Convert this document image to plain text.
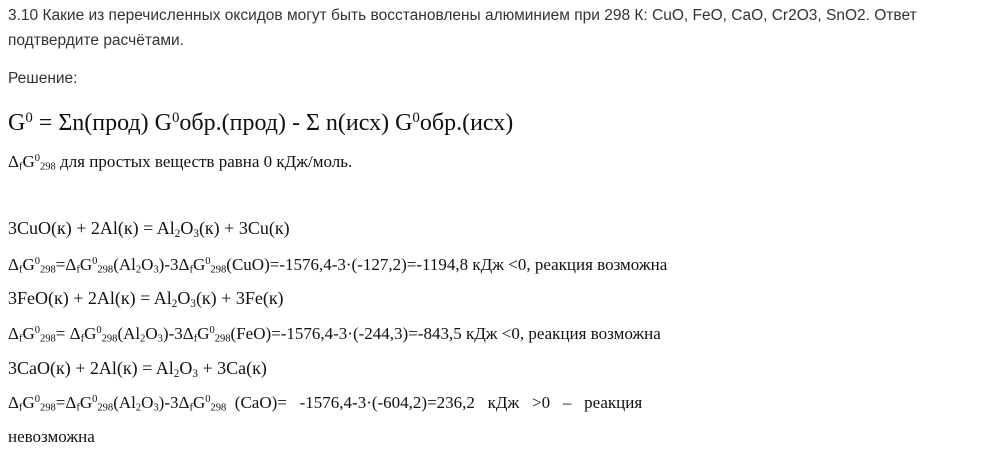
3.10 Какие из перечисленных оксидов могут быть восстановлены алюминием при 298 К: CuO, FeO, CaO, Cr2O3, SnO2. Ответ подтвердите расчётами.
Решение:
$G^0$ = Σn(прод) $G^0обр.(прод)$ - Σ n(исх) $G^0обр.(исх)$
$\Delta_fG^0_{298}$ для простых веществ равна 0 кДж/моль.
$3CuO(к) + 2Al(к) = Al_2O_3(к) + 3Cu(к)$
$\Delta_fG^0_{298}=\Delta_fG^0_{298}(Al_2O_3)-3\Delta_fG^0_{298}(CuO)=-1576,4-3\cdot(-127,2)=-1194,8$ кДж <0, реакция возможна
$3FeO(к) + 2Al(к) = Al_2O_3(к) + 3Fe(к)$
$\Delta_fG^0_{298}= \Delta_fG^0_{298}(Al_2O_3)-3\Delta_fG^0_{298}(FeO)=-1576,4-3\cdot(-244,3)=-843,5$ кДж <0, реакция возможна
$3CaO(к) + 2Al(к) = Al_2O_3 + 3Ca(к)$
$\Delta_fG^0_{298}=\Delta_fG^0_{298}(Al_2O_3)-3\Delta_fG^0_{298}$  (CaO)=   -1576,4-3·(-604,2)=236,2   кДж   >0   –   реакция
невозможна
